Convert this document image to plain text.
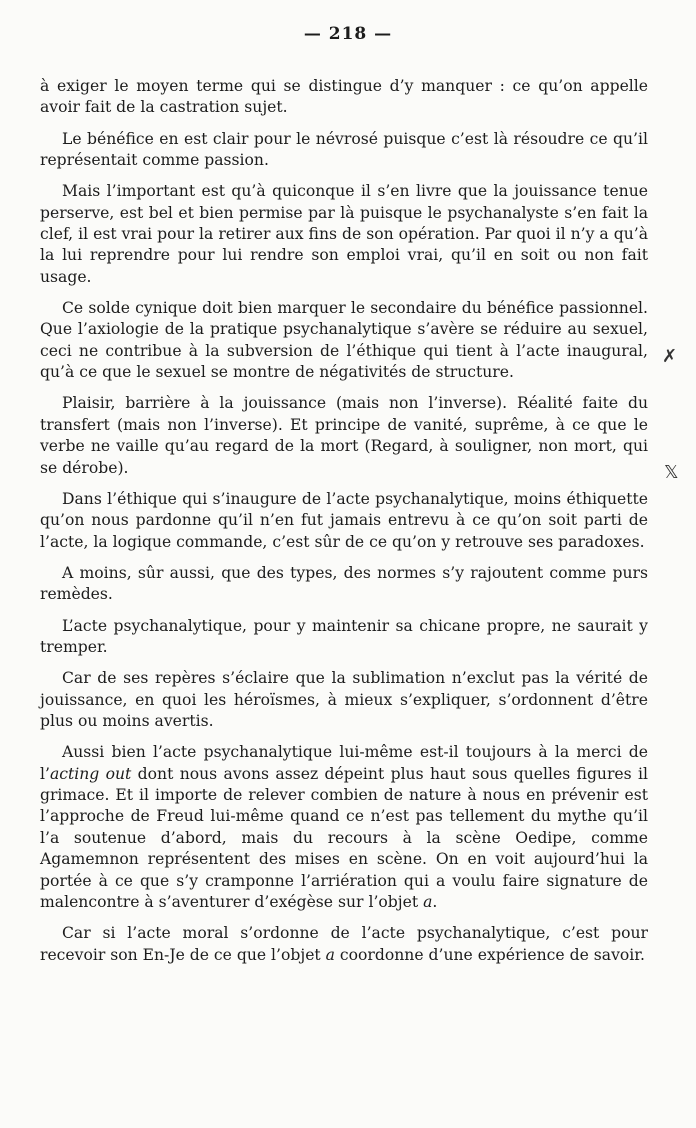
— 218 —

à exiger le moyen terme qui se distingue d’y manquer : ce qu’on appelle avoir fait de la castration sujet.

Le bénéfice en est clair pour le névrosé puisque c’est là résoudre ce qu’il représentait comme passion.

Mais l’important est qu’à quiconque il s’en livre que la jouissance tenue perserve, est bel et bien permise par là puisque le psychanalyste s’en fait la clef, il est vrai pour la retirer aux fins de son opération. Par quoi il n’y a qu’à la lui reprendre pour lui rendre son emploi vrai, qu’il en soit ou non fait usage.

Ce solde cynique doit bien marquer le secondaire du bénéfice passionnel. Que l’axiologie de la pratique psychanalytique s’avère se réduire au sexuel, ceci ne contribue à la subversion de l’éthique qui tient à l’acte inaugural, qu’à ce que le sexuel se montre de négativités de structure.

Plaisir, barrière à la jouissance (mais non l’inverse). Réalité faite du transfert (mais non l’inverse). Et principe de vanité, suprême, à ce que le verbe ne vaille qu’au regard de la mort (Regard, à souligner, non mort, qui se dérobe).

Dans l’éthique qui s’inaugure de l’acte psychanalytique, moins éthiquette qu’on nous pardonne qu’il n’en fut jamais entrevu à ce qu’on soit parti de l’acte, la logique commande, c’est sûr de ce qu’on y retrouve ses paradoxes.

A moins, sûr aussi, que des types, des normes s’y rajoutent comme purs remèdes.

L’acte psychanalytique, pour y maintenir sa chicane propre, ne saurait y tremper.

Car de ses repères s’éclaire que la sublimation n’exclut pas la vérité de jouissance, en quoi les héroïsmes, à mieux s’expliquer, s’ordonnent d’être plus ou moins avertis.

Aussi bien l’acte psychanalytique lui-même est-il toujours à la merci de l’acting out dont nous avons assez dépeint plus haut sous quelles figures il grimace. Et il importe de relever combien de nature à nous en prévenir est l’approche de Freud lui-même quand ce n’est pas tellement du mythe qu’il l’a soutenue d’abord, mais du recours à la scène Oedipe, comme Agamemnon représentent des mises en scène. On en voit aujourd’hui la portée à ce que s’y cramponne l’arriération qui a voulu faire signature de malencontre à s’aventurer d’exégèse sur l’objet a.

Car si l’acte moral s’ordonne de l’acte psychanalytique, c’est pour recevoir son En-Je de ce que l’objet a coordonne d’une expérience de savoir.

✗
𝕏
